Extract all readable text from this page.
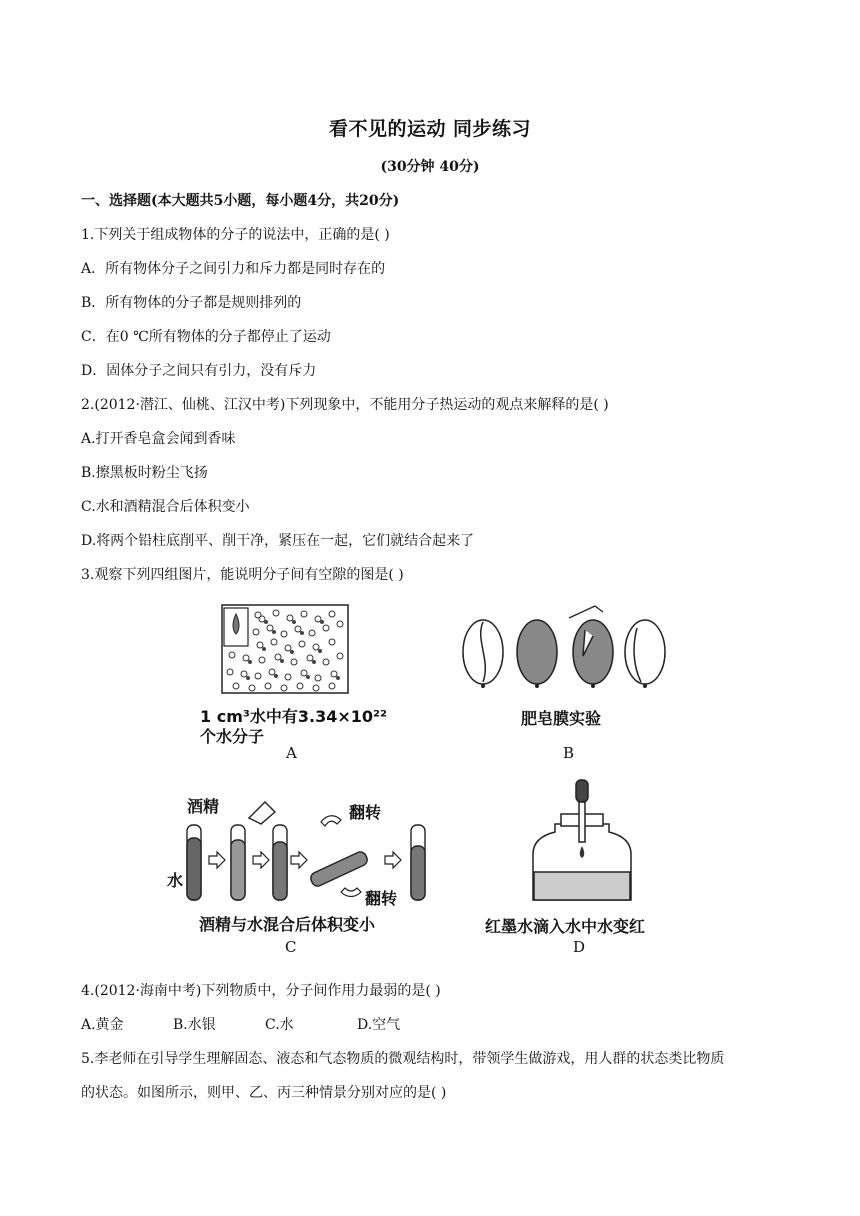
看不见的运动 同步练习
(30分钟 40分)
一、选择题(本大题共5小题，每小题4分，共20分)
1.下列关于组成物体的分子的说法中，正确的是( )
A．所有物体分子之间引力和斥力都是同时存在的
B．所有物体的分子都是规则排列的
C．在0 ℃所有物体的分子都停止了运动
D．固体分子之间只有引力，没有斥力
2.(2012·潜江、仙桃、江汉中考)下列现象中，不能用分子热运动的观点来解释的是( )
A.打开香皂盒会闻到香味
B.擦黑板时粉尘飞扬
C.水和酒精混合后体积变小
D.将两个铅柱底削平、削干净，紧压在一起，它们就结合起来了
3.观察下列四组图片，能说明分子间有空隙的图是( )
1 cm³水中有3.34×10²²
个水分子
A
肥皂膜实验
B
酒精
水
翻转
翻转
酒精与水混合后体积变小
C
红墨水滴入水中水变红
D
4.(2012·海南中考)下列物质中，分子间作用力最弱的是( )
A.黄金	B.水银	C.水	D.空气
5.李老师在引导学生理解固态、液态和气态物质的微观结构时，带领学生做游戏，用人群的状态类比物质
的状态。如图所示，则甲、乙、丙三种情景分别对应的是( )
